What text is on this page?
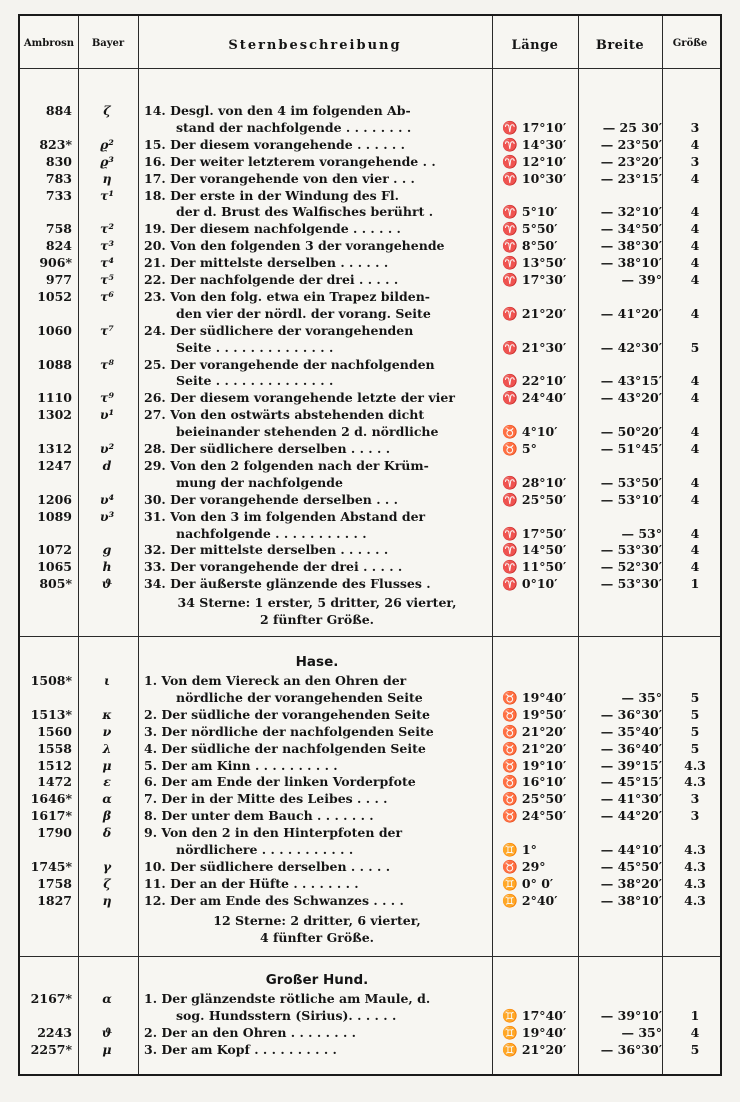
Ambrosn	Bayer	Sternbeschreibung	Länge	Breite	Größe
884	ζ	14. Desgl. von den 4 im folgenden Ab-
stand der nachfolgende . . . . . . . .	♈ 17°10′	— 25 30′	3
823*	ϱ²	15. Der diesem vorangehende . . . . . .	♈ 14°30′	— 23°50′	4
830	ϱ³	16. Der weiter letzterem vorangehende . .	♈ 12°10′	— 23°20′	3
783	η	17. Der vorangehende von den vier . . .	♈ 10°30′	— 23°15′	4
733	τ¹	18. Der erste in der Windung des Fl.
der d. Brust des Walfisches berührt .	♈ 5°10′	— 32°10′	4
758	τ²	19. Der diesem nachfolgende . . . . . .	♈ 5°50′	— 34°50′	4
824	τ³	20. Von den folgenden 3 der vorangehende	♈ 8°50′	— 38°30′	4
906*	τ⁴	21. Der mittelste derselben . . . . . .	♈ 13°50′	— 38°10′	4
977	τ⁵	22. Der nachfolgende der drei . . . . .	♈ 17°30′	— 39°	4
1052	τ⁶	23. Von den folg. etwa ein Trapez bilden-
den vier der nördl. der vorang. Seite	♈ 21°20′	— 41°20′	4
1060	τ⁷	24. Der südlichere der vorangehenden
Seite . . . . . . . . . . . . . .	♈ 21°30′	— 42°30′	5
1088	τ⁸	25. Der vorangehende der nachfolgenden
Seite . . . . . . . . . . . . . .	♈ 22°10′	— 43°15′	4
1110	τ⁹	26. Der diesem vorangehende letzte der vier	♈ 24°40′	— 43°20′	4
1302	υ¹	27. Von den ostwärts abstehenden dicht
beieinander stehenden 2 d. nördliche	♉ 4°10′	— 50°20′	4
1312	υ²	28. Der südlichere derselben . . . . .	♉ 5°	— 51°45′	4
1247	d	29. Von den 2 folgenden nach der Krüm-
mung der nachfolgende	♈ 28°10′	— 53°50′	4
1206	υ⁴	30. Der vorangehende derselben . . .	♈ 25°50′	— 53°10′	4
1089	υ³	31. Von den 3 im folgenden Abstand der
nachfolgende . . . . . . . . . . .	♈ 17°50′	— 53°	4
1072	g	32. Der mittelste derselben . . . . . .	♈ 14°50′	— 53°30′	4
1065	h	33. Der vorangehende der drei . . . . .	♈ 11°50′	— 52°30′	4
805*	ϑ	34. Der äußerste glänzende des Flusses .	♈ 0°10′	— 53°30′	1
34 Sterne: 1 erster, 5 dritter, 26 vierter,
2 fünfter Größe.
Hase.
1508*	ι	1. Von dem Viereck an den Ohren der
nördliche der vorangehenden Seite	♉ 19°40′	— 35°	5
1513*	κ	2. Der südliche der vorangehenden Seite	♉ 19°50′	— 36°30′	5
1560	ν	3. Der nördliche der nachfolgenden Seite	♉ 21°20′	— 35°40′	5
1558	λ	4. Der südliche der nachfolgenden Seite	♉ 21°20′	— 36°40′	5
1512	μ	5. Der am Kinn . . . . . . . . . .	♉ 19°10′	— 39°15′	4.3
1472	ε	6. Der am Ende der linken Vorderpfote	♉ 16°10′	— 45°15′	4.3
1646*	α	7. Der in der Mitte des Leibes . . . .	♉ 25°50′	— 41°30′	3
1617*	β	8. Der unter dem Bauch . . . . . . .	♉ 24°50′	— 44°20′	3
1790	δ	9. Von den 2 in den Hinterpfoten der
nördlichere . . . . . . . . . . .	♊ 1°	— 44°10′	4.3
1745*	γ	10. Der südlichere derselben . . . . .	♉ 29°	— 45°50′	4.3
1758	ζ	11. Der an der Hüfte . . . . . . . .	♊ 0° 0′	— 38°20′	4.3
1827	η	12. Der am Ende des Schwanzes . . . .	♊ 2°40′	— 38°10′	4.3
12 Sterne: 2 dritter, 6 vierter,
4 fünfter Größe.
Großer Hund.
2167*	α	1. Der glänzendste rötliche am Maule, d.
sog. Hundsstern (Sirius). . . . . .	♊ 17°40′	— 39°10′	1
2243	ϑ	2. Der an den Ohren . . . . . . . .	♊ 19°40′	— 35°	4
2257*	μ	3. Der am Kopf . . . . . . . . . .	♊ 21°20′	— 36°30′	5
